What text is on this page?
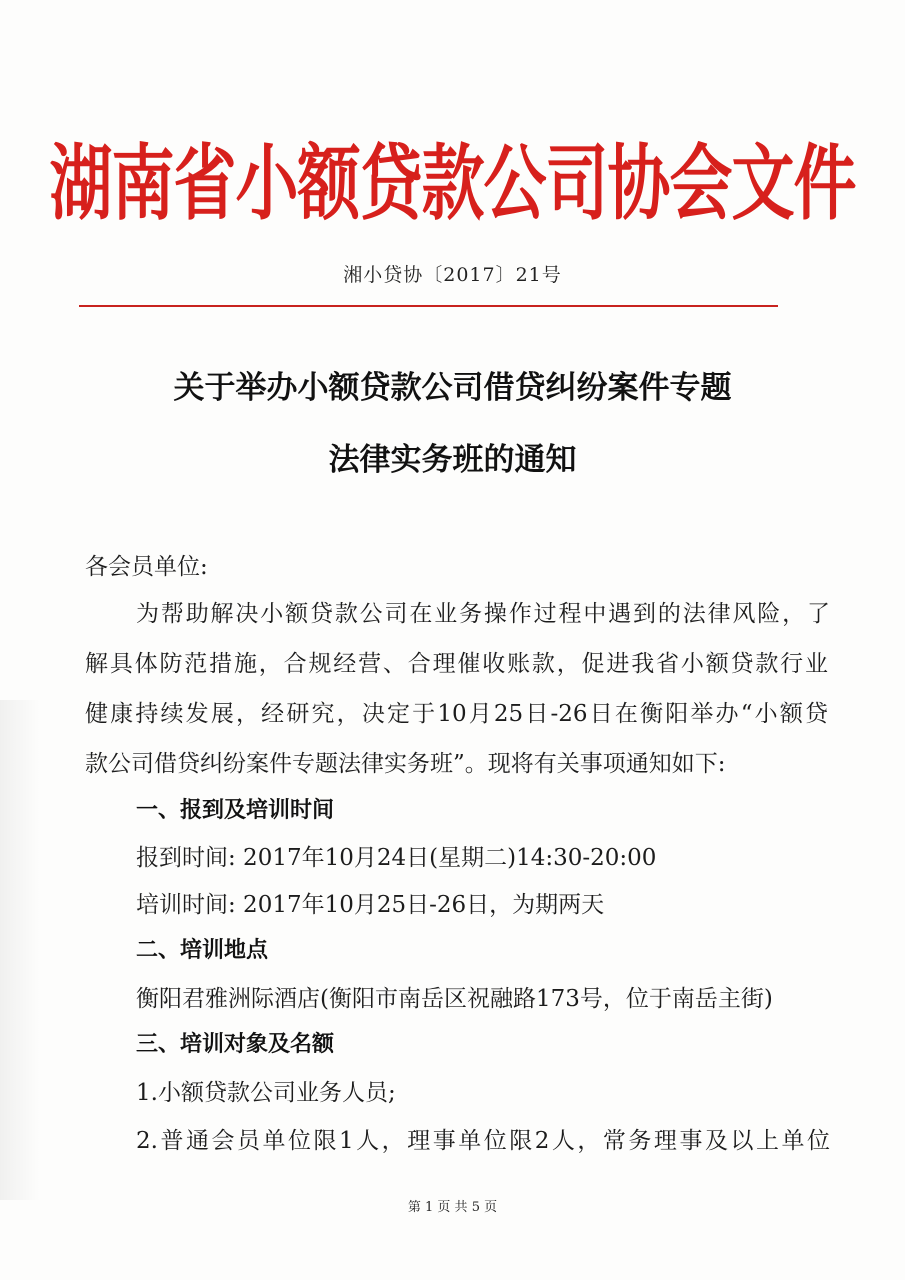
湖南省小额贷款公司协会文件
湘小贷协〔2017〕21号
关于举办小额贷款公司借贷纠纷案件专题
法律实务班的通知
各会员单位:
为帮助解决小额贷款公司在业务操作过程中遇到的法律风险，了
解具体防范措施，合规经营、合理催收账款，促进我省小额贷款行业
健康持续发展，经研究，决定于10月25日-26日在衡阳举办“小额贷
款公司借贷纠纷案件专题法律实务班”。现将有关事项通知如下:
一、报到及培训时间
报到时间: 2017年10月24日(星期二)14:30-20:00
培训时间: 2017年10月25日-26日，为期两天
二、培训地点
衡阳君雅洲际酒店(衡阳市南岳区祝融路173号，位于南岳主街)
三、培训对象及名额
1.小额贷款公司业务人员;
2.普通会员单位限1人，理事单位限2人，常务理事及以上单位
第 1 页 共 5 页
